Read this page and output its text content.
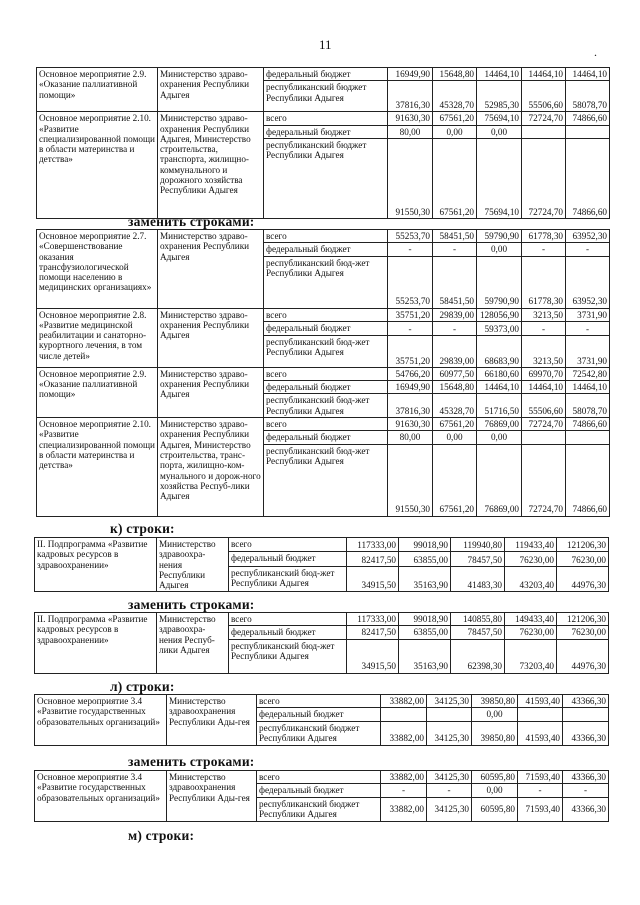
11	.
Основное мероприятие 2.9. «Оказание паллиативной помощи»	Министерство здраво-охранения Республики Адыгея	федеральный бюджет	16949,90	15648,80	14464,10	14464,10	14464,10
		республиканский бюджет Республики Адыгея	37816,30	45328,70	52985,30	55506,60	58078,70
Основное мероприятие 2.10. «Развитие специализированной помощи в области материнства и детства»	Министерство здраво-охранения Республики Адыгея, Министерство строительства, транспорта, жилищно-коммунального и дорожного хозяйства Республики Адыгея	всего	91630,30	67561,20	75694,10	72724,70	74866,60
		федеральный бюджет	80,00	0,00	0,00		
		республиканский бюджет Республики Адыгея	91550,30	67561,20	75694,10	72724,70	74866,60
заменить строками:
Основное мероприятие 2.7. «Совершенствование оказания трансфузиологической помощи населению в медицинских организациях»	Министерство здраво-охранения Республики Адыгея	всего	55253,70	58451,50	59790,90	61778,30	63952,30
		федеральный бюджет	-	-	0,00	-	-
		республиканский бюд-жет Республики Адыгея	55253,70	58451,50	59790,90	61778,30	63952,30
Основное мероприятие 2.8. «Развитие медицинской реабилитации и санаторно-курортного лечения, в том числе детей»	Министерство здраво-охранения Республики Адыгея	всего	35751,20	29839,00	128056,90	3213,50	3731,90
		федеральный бюджет	-	-	59373,00	-	-
		республиканский бюд-жет Республики Адыгея	35751,20	29839,00	68683,90	3213,50	3731,90
Основное мероприятие 2.9. «Оказание паллиативной помощи»	Министерство здраво-охранения Республики Адыгея	всего	54766,20	60977,50	66180,60	69970,70	72542,80
		федеральный бюджет	16949,90	15648,80	14464,10	14464,10	14464,10
		республиканский бюд-жет Республики Адыгея	37816,30	45328,70	51716,50	55506,60	58078,70
Основное мероприятие 2.10. «Развитие специализированной помощи в области материнства и детства»	Министерство здраво-охранения Республики Адыгея, Министерство строительства, транс-порта, жилищно-ком-мунального и дорож-ного хозяйства Респуб-лики Адыгея	всего	91630,30	67561,20	76869,00	72724,70	74866,60
		федеральный бюджет	80,00	0,00	0,00		
		республиканский бюд-жет Республики Адыгея	91550,30	67561,20	76869,00	72724,70	74866,60
к) строки:
II. Подпрограмма «Развитие кадровых ресурсов в здравоохранении»	Министерство здравоохра-нения Республики Адыгея	всего	117333,00	99018,90	119940,80	119433,40	121206,30
		федеральный бюджет	82417,50	63855,00	78457,50	76230,00	76230,00
		республиканский бюд-жет Республики Адыгея	34915,50	35163,90	41483,30	43203,40	44976,30
заменить строками:
II. Подпрограмма «Развитие кадровых ресурсов в здравоохранении»	Министерство здравоохра-нения Респуб-лики Адыгея	всего	117333,00	99018,90	140855,80	149433,40	121206,30
		федеральный бюджет	82417,50	63855,00	78457,50	76230,00	76230,00
		республиканский бюд-жет Республики Адыгея	34915,50	35163,90	62398,30	73203,40	44976,30
л) строки:
Основное мероприятие 3.4 «Развитие государственных образовательных организаций»	Министерство здравоохранения Республики Ады-гея	всего	33882,00	34125,30	39850,80	41593,40	43366,30
		федеральный бюджет			0,00		
		республиканский бюджет Республики Адыгея	33882,00	34125,30	39850,80	41593,40	43366,30
заменить строками:
Основное мероприятие 3.4 «Развитие государственных образовательных организаций»	Министерство здравоохранения Республики Ады-гея	всего	33882,00	34125,30	60595,80	71593,40	43366,30
		федеральный бюджет	-	-	0,00	-	-
		республиканский бюджет Республики Адыгея	33882,00	34125,30	60595,80	71593,40	43366,30
м) строки:
